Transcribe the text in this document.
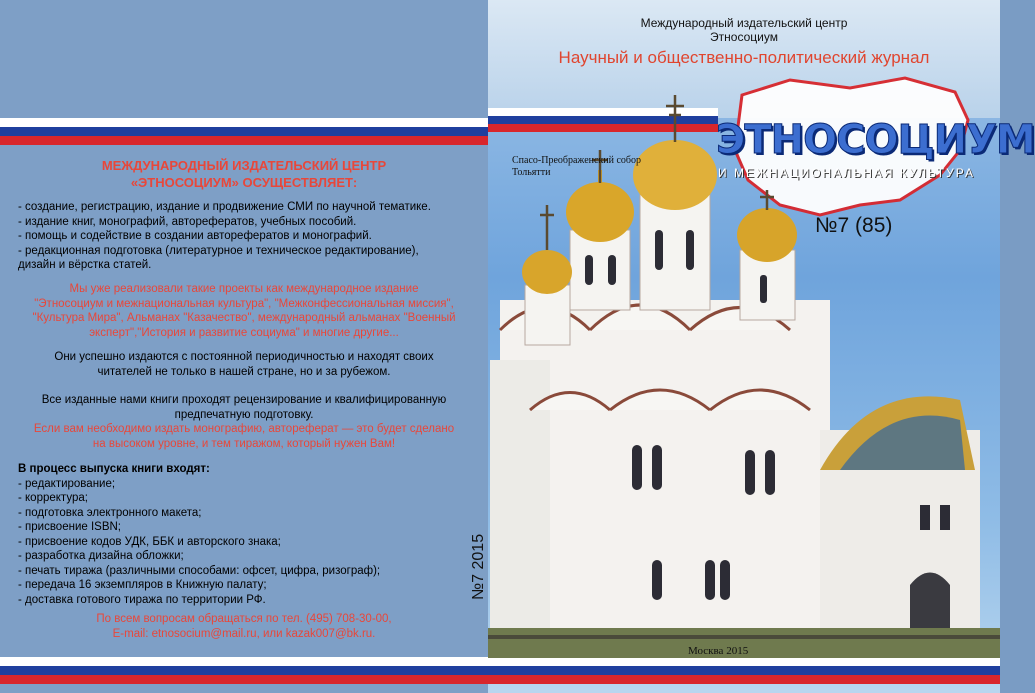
Международный издательский центр
Этносоциум
Научный и общественно-политический журнал
ЭТНОСОЦИУМ
И МЕЖНАЦИОНАЛЬНАЯ КУЛЬТУРА
№7 (85)
Спасо-Преображенский собор
Тольятти
Москва 2015
№7 2015
МЕЖДУНАРОДНЫЙ ИЗДАТЕЛЬСКИЙ ЦЕНТР
«ЭТНОСОЦИУМ» ОСУЩЕСТВЛЯЕТ:
- создание, регистрацию, издание и продвижение СМИ по научной тематике.
- издание книг, монографий, авторефератов, учебных пособий.
- помощь и содействие в создании авторефератов и монографий.
- редакционная подготовка (литературное и техническое редактирование),
дизайн и вёрстка статей.
Мы уже реализовали такие проекты как международное издание
"Этносоциум и межнациональная культура", "Межконфессиональная миссия",
"Культура Мира", Альманах "Казачество", международный альманах "Военный
эксперт","История и развитие социума" и многие другие...
Они успешно издаются с постоянной периодичностью и находят своих
читателей не только в нашей стране, но и за рубежом.
Все изданные нами книги проходят рецензирование и квалифицированную
предпечатную подготовку.
Если вам необходимо издать монографию, автореферат — это будет сделано
на высоком уровне, и тем тиражом, который нужен Вам!
В процесс выпуска книги входят:
- редактирование;
- корректура;
- подготовка электронного макета;
- присвоение ISBN;
- присвоение кодов УДК, ББК и авторского знака;
- разработка дизайна обложки;
- печать тиража (различными способами: офсет, цифра, ризограф);
- передача 16 экземпляров в Книжную палату;
- доставка готового тиража по территории РФ.
По всем вопросам обращаться по тел. (495) 708-30-00,
E-mail: etnosocium@mail.ru, или kazak007@bk.ru.
